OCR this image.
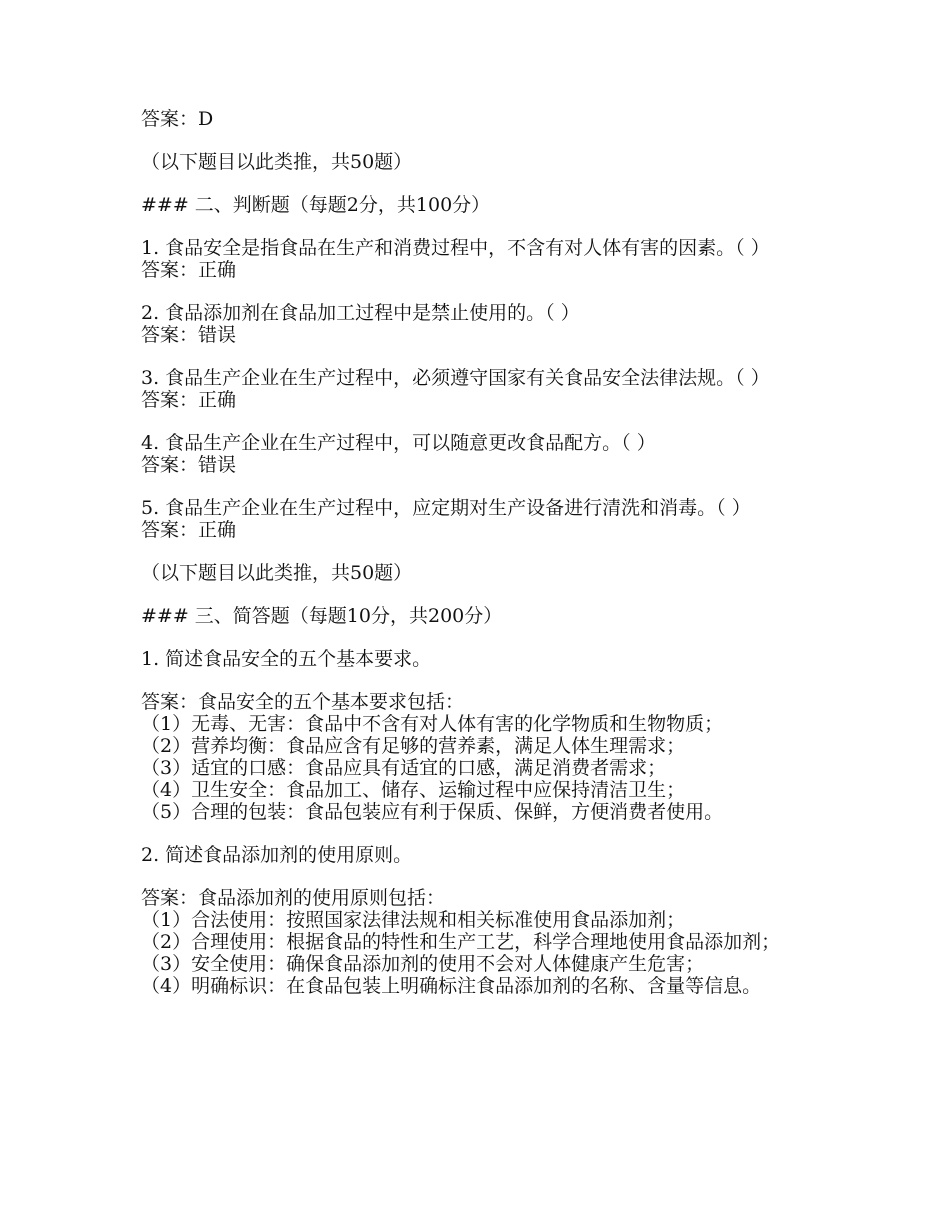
答案：D
（以下题目以此类推，共50题）
### 二、判断题（每题2分，共100分）
1. 食品安全是指食品在生产和消费过程中，不含有对人体有害的因素。（ ）
答案：正确
2. 食品添加剂在食品加工过程中是禁止使用的。（ ）
答案：错误
3. 食品生产企业在生产过程中，必须遵守国家有关食品安全法律法规。（ ）
答案：正确
4. 食品生产企业在生产过程中，可以随意更改食品配方。（ ）
答案：错误
5. 食品生产企业在生产过程中，应定期对生产设备进行清洗和消毒。（ ）
答案：正确
（以下题目以此类推，共50题）
### 三、简答题（每题10分，共200分）
1. 简述食品安全的五个基本要求。
答案：食品安全的五个基本要求包括：
（1）无毒、无害：食品中不含有对人体有害的化学物质和生物物质；
（2）营养均衡：食品应含有足够的营养素，满足人体生理需求；
（3）适宜的口感：食品应具有适宜的口感，满足消费者需求；
（4）卫生安全：食品加工、储存、运输过程中应保持清洁卫生；
（5）合理的包装：食品包装应有利于保质、保鲜，方便消费者使用。
2. 简述食品添加剂的使用原则。
答案：食品添加剂的使用原则包括：
（1）合法使用：按照国家法律法规和相关标准使用食品添加剂；
（2）合理使用：根据食品的特性和生产工艺，科学合理地使用食品添加剂；
（3）安全使用：确保食品添加剂的使用不会对人体健康产生危害；
（4）明确标识：在食品包装上明确标注食品添加剂的名称、含量等信息。
